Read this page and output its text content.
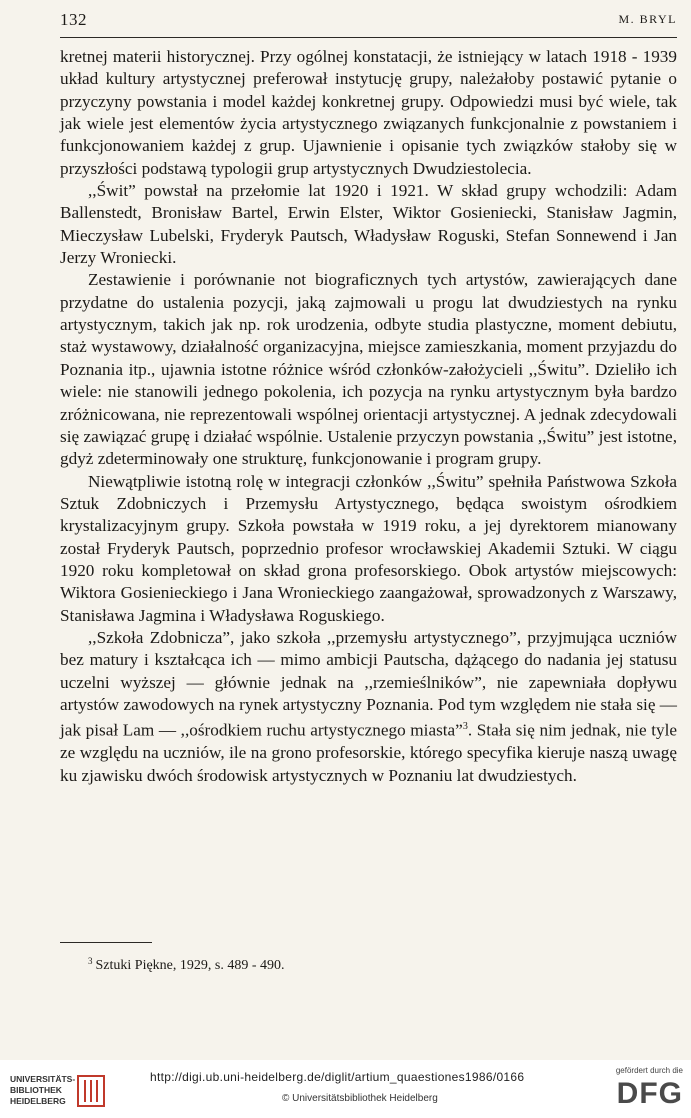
132	M. BRYL

kretnej materii historycznej. Przy ogólnej konstatacji, że istniejący w latach 1918 - 1939 układ kultury artystycznej preferował instytucję grupy, należałoby postawić pytanie o przyczyny powstania i model każdej konkretnej grupy. Odpowiedzi musi być wiele, tak jak wiele jest elementów życia artystycznego związanych funkcjonalnie z powstaniem i funkcjonowaniem każdej z grup. Ujawnienie i opisanie tych związków stałoby się w przyszłości podstawą typologii grup artystycznych Dwudziestolecia.

,,Świt” powstał na przełomie lat 1920 i 1921. W skład grupy wchodzili: Adam Ballenstedt, Bronisław Bartel, Erwin Elster, Wiktor Gosieniecki, Stanisław Jagmin, Mieczysław Lubelski, Fryderyk Pautsch, Władysław Roguski, Stefan Sonnewend i Jan Jerzy Wroniecki.

Zestawienie i porównanie not biograficznych tych artystów, zawierających dane przydatne do ustalenia pozycji, jaką zajmowali u progu lat dwudziestych na rynku artystycznym, takich jak np. rok urodzenia, odbyte studia plastyczne, moment debiutu, staż wystawowy, działalność organizacyjna, miejsce zamieszkania, moment przyjazdu do Poznania itp., ujawnia istotne różnice wśród członków-założycieli ,,Świtu”. Dzieliło ich wiele: nie stanowili jednego pokolenia, ich pozycja na rynku artystycznym była bardzo zróżnicowana, nie reprezentowali wspólnej orientacji artystycznej. A jednak zdecydowali się zawiązać grupę i działać wspólnie. Ustalenie przyczyn powstania ,,Świtu” jest istotne, gdyż zdeterminowały one strukturę, funkcjonowanie i program grupy.

Niewątpliwie istotną rolę w integracji członków ,,Świtu” spełniła Państwowa Szkoła Sztuk Zdobniczych i Przemysłu Artystycznego, będąca swoistym ośrodkiem krystalizacyjnym grupy. Szkoła powstała w 1919 roku, a jej dyrektorem mianowany został Fryderyk Pautsch, poprzednio profesor wrocławskiej Akademii Sztuki. W ciągu 1920 roku kompletował on skład grona profesorskiego. Obok artystów miejscowych: Wiktora Gosienieckiego i Jana Wronieckiego zaangażował, sprowadzonych z Warszawy, Stanisława Jagmina i Władysława Roguskiego.

,,Szkoła Zdobnicza”, jako szkoła ,,przemysłu artystycznego”, przyjmująca uczniów bez matury i kształcąca ich — mimo ambicji Pautscha, dążącego do nadania jej statusu uczelni wyższej — głównie jednak na ,,rzemieślników”, nie zapewniała dopływu artystów zawodowych na rynek artystyczny Poznania. Pod tym względem nie stała się — jak pisał Lam — ,,ośrodkiem ruchu artystycznego miasta”$^3$. Stała się nim jednak, nie tyle ze względu na uczniów, ile na grono profesorskie, którego specyfika kieruje naszą uwagę ku zjawisku dwóch środowisk artystycznych w Poznaniu lat dwudziestych.

$^3$ Sztuki Piękne, 1929, s. 489 - 490.
UNIVERSITÄTS-
BIBLIOTHEK
HEIDELBERG
http://digi.ub.uni-heidelberg.de/diglit/artium_quaestiones1986/0166
© Universitätsbibliothek Heidelberg
gefördert durch die
DFG
